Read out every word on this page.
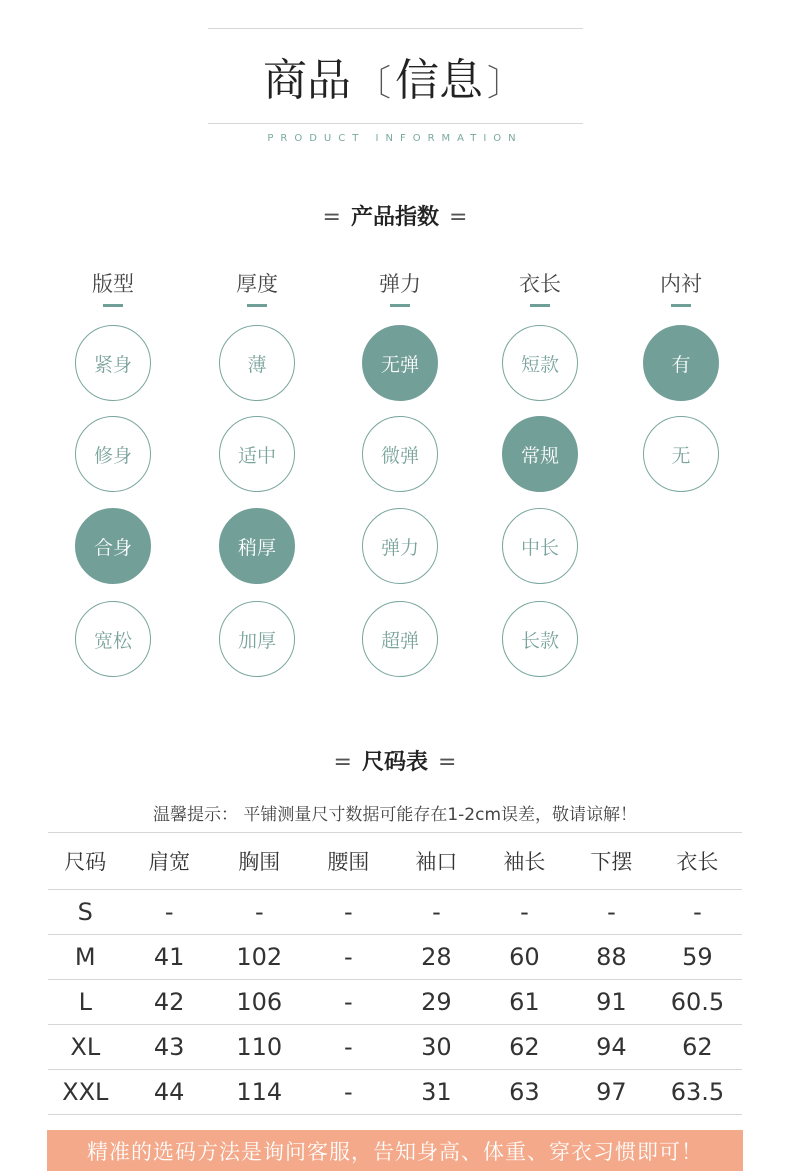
商品 〔信息 〕
PRODUCT INFORMATION
= 产品指数 =
版型
紧身
修身
合身
宽松
厚度
薄
适中
稍厚
加厚
弹力
无弹
微弹
弹力
超弹
衣长
短款
常规
中长
长款
内衬
有
无
= 尺码表 =
温馨提示： 平铺测量尺寸数据可能存在1-2cm误差，敬请谅解！
尺码	肩宽	胸围	腰围	袖口	袖长	下摆	衣长
S	-	-	-	-	-	-	-
M	41	102	-	28	60	88	59
L	42	106	-	29	61	91	60.5
XL	43	110	-	30	62	94	62
XXL	44	114	-	31	63	97	63.5
精准的选码方法是询问客服，告知身高、体重、穿衣习惯即可！
